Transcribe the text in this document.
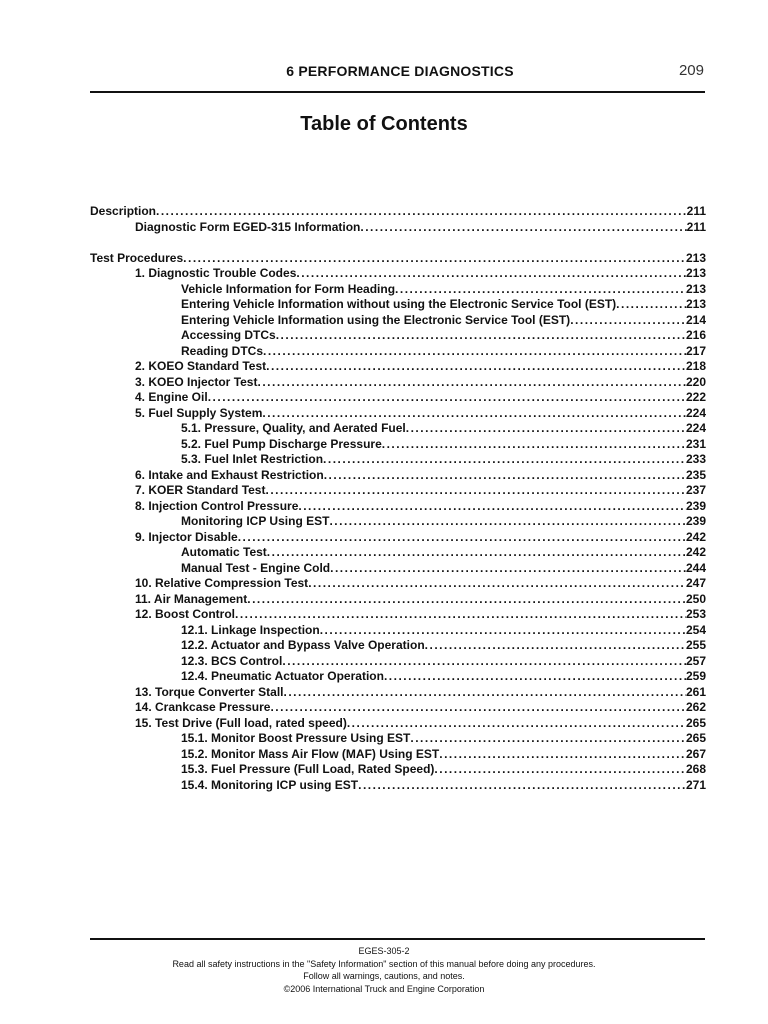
6 PERFORMANCE DIAGNOSTICS	209
Table of Contents
Description .....	211
Diagnostic Form EGED-315 Information .....	211
Test Procedures .....	213
1. Diagnostic Trouble Codes .....	213
Vehicle Information for Form Heading .....	213
Entering Vehicle Information without using the Electronic Service Tool (EST) .....	213
Entering Vehicle Information using the Electronic Service Tool (EST) .....	214
Accessing DTCs .....	216
Reading DTCs .....	217
2. KOEO Standard Test .....	218
3. KOEO Injector Test .....	220
4. Engine Oil .....	222
5. Fuel Supply System .....	224
5.1. Pressure, Quality, and Aerated Fuel .....	224
5.2. Fuel Pump Discharge Pressure .....	231
5.3. Fuel Inlet Restriction .....	233
6. Intake and Exhaust Restriction .....	235
7. KOER Standard Test .....	237
8. Injection Control Pressure .....	239
Monitoring ICP Using EST .....	239
9. Injector Disable .....	242
Automatic Test .....	242
Manual Test - Engine Cold .....	244
10. Relative Compression Test .....	247
11. Air Management .....	250
12. Boost Control .....	253
12.1. Linkage Inspection .....	254
12.2. Actuator and Bypass Valve Operation .....	255
12.3. BCS Control .....	257
12.4. Pneumatic Actuator Operation .....	259
13. Torque Converter Stall .....	261
14. Crankcase Pressure .....	262
15. Test Drive (Full load, rated speed) .....	265
15.1. Monitor Boost Pressure Using EST .....	265
15.2. Monitor Mass Air Flow (MAF) Using EST .....	267
15.3. Fuel Pressure (Full Load, Rated Speed) .....	268
15.4. Monitoring ICP using EST .....	271
EGES-305-2
Read all safety instructions in the "Safety Information" section of this manual before doing any procedures.
Follow all warnings, cautions, and notes.
©2006 International Truck and Engine Corporation
